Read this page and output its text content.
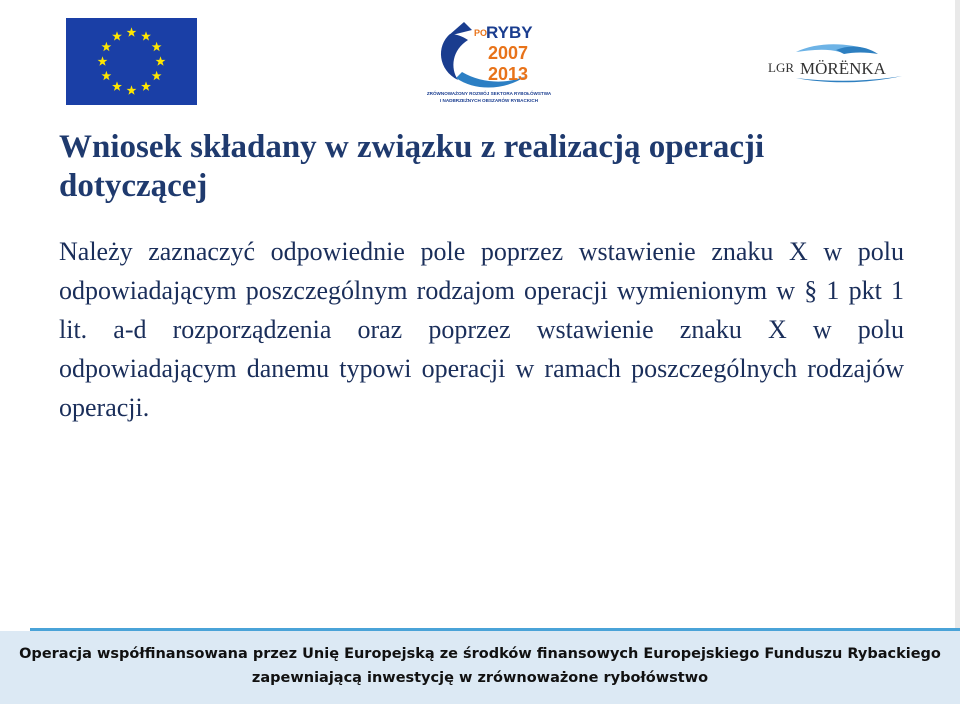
PO
RYBY
2007
2013
ZRÓWNOWAŻONY ROZWÓJ SEKTORA RYBOŁÓWSTWA
I NADBRZEŻNYCH OBSZARÓW RYBACKICH
LGR MÖRËNKA
Wniosek składany w związku z realizacją operacji dotyczącej
Należy zaznaczyć odpowiednie pole poprzez wstawienie znaku X w polu odpowiadającym poszczególnym rodzajom operacji wymienionym w § 1 pkt 1 lit. a-d rozporządzenia oraz poprzez wstawienie znaku X w polu odpowiadającym danemu typowi operacji w ramach poszczególnych rodzajów operacji.
Operacja współfinansowana przez Unię Europejską ze środków finansowych Europejskiego Funduszu Rybackiego
zapewniającą inwestycję w zrównoważone rybołówstwo
